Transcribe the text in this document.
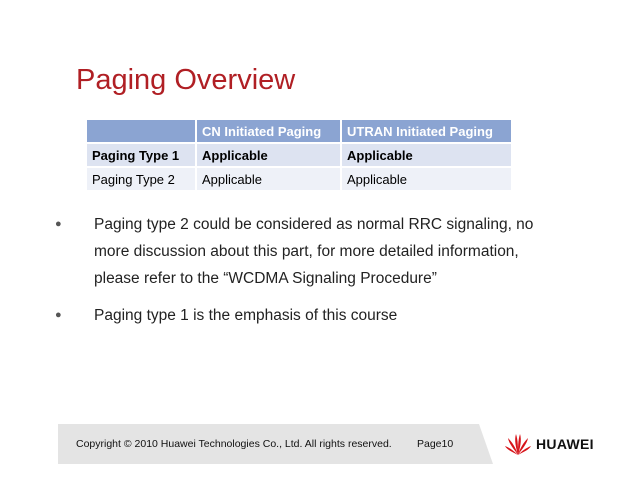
Paging Overview
	CN Initiated Paging	UTRAN Initiated Paging
Paging Type 1	Applicable	Applicable
Paging Type 2	Applicable	Applicable
● Paging type 2 could be considered as normal RRC signaling, no
more discussion about this part, for more detailed information,
please refer to the “WCDMA Signaling Procedure”
● Paging type 1 is the emphasis of this course
Copyright © 2010 Huawei Technologies Co., Ltd. All rights reserved. Page10	HUAWEI
